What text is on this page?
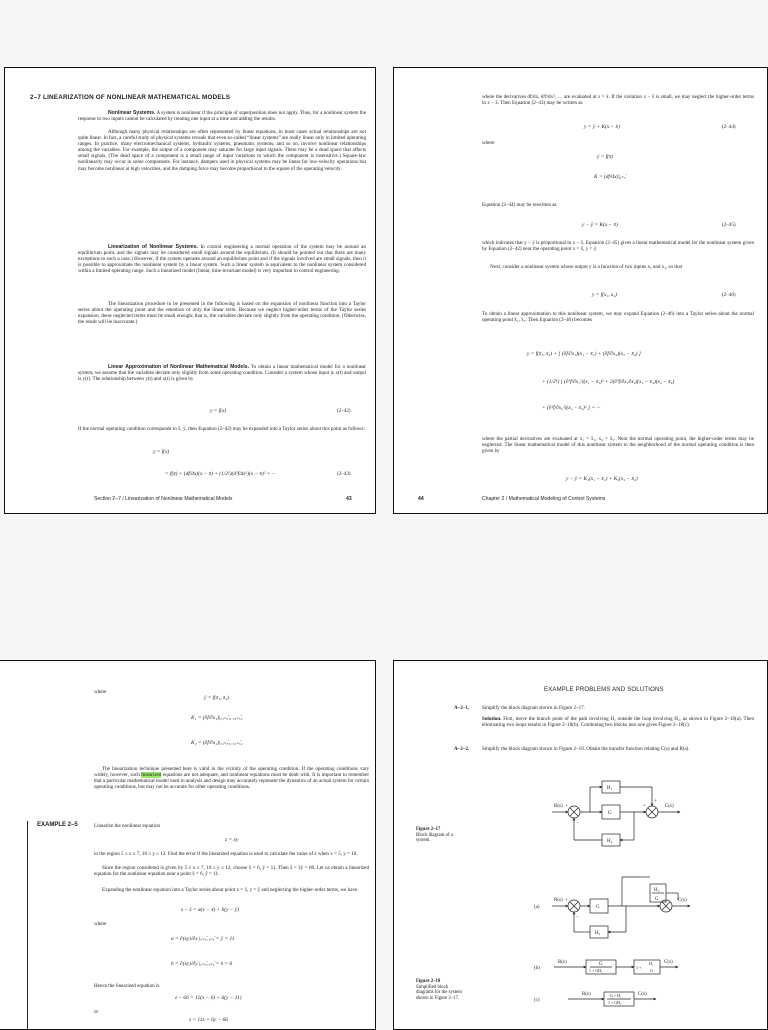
2–7 LINEARIZATION OF NONLINEAR MATHEMATICAL MODELS
Nonlinear Systems. A system is nonlinear if the principle of superposition does not apply. Thus, for a nonlinear system the response to two inputs cannot be calculated by treating one input at a time and adding the results.
Although many physical relationships are often represented by linear equations, in most cases actual relationships are not quite linear. In fact, a careful study of physical systems reveals that even so-called “linear systems” are really linear only in limited operating ranges. In practice, many electromechanical systems, hydraulic systems, pneumatic systems, and so on, involve nonlinear relationships among the variables. For example, the output of a component may saturate for large input signals. There may be a dead space that affects small signals. (The dead space of a component is a small range of input variations to which the component is insensitive.) Square-law nonlinearity may occur in some components. For instance, dampers used in physical systems may be linear for low-velocity operations but may become nonlinear at high velocities, and the damping force may become proportional to the square of the operating velocity.
Linearization of Nonlinear Systems. In control engineering a normal operation of the system may be around an equilibrium point, and the signals may be considered small signals around the equilibrium. (It should be pointed out that there are many exceptions to such a case.) However, if the system operates around an equilibrium point and if the signals involved are small signals, then it is possible to approximate the nonlinear system by a linear system. Such a linear system is equivalent to the nonlinear system considered within a limited operating range. Such a linearized model (linear, time-invariant model) is very important in control engineering.
The linearization procedure to be presented in the following is based on the expansion of nonlinear function into a Taylor series about the operating point and the retention of only the linear term. Because we neglect higher-order terms of the Taylor series expansion, these neglected terms must be small enough; that is, the variables deviate only slightly from the operating condition. (Otherwise, the result will be inaccurate.)
Linear Approximation of Nonlinear Mathematical Models. To obtain a linear mathematical model for a nonlinear system, we assume that the variables deviate only slightly from some operating condition. Consider a system whose input is x(t) and output is y(t). The relationship between y(t) and x(t) is given by
y = f(x)	(2–42)
If the normal operating condition corresponds to x̄, ȳ, then Equation (2–42) may be expanded into a Taylor series about this point as follows:
y = f(x)
= f(x̄) + (df/dx)(x − x̄) + (1/2!)(d²f/dx²)(x − x̄)² + ···	(2–43)
Section 2–7 / Linearization of Nonlinear Mathematical Models	43
where the derivatives df/dx, d²f/dx², … are evaluated at x = x̄. If the variation x − x̄ is small, we may neglect the higher-order terms in x − x̄. Then Equation (2–43) may be written as
y = ȳ + K(x − x̄)	(2–44)
where
ȳ = f(x̄)
K = (df/dx)|ₓ₌ₓ̄
Equation (2–44) may be rewritten as
y − ȳ = K(x − x̄)	(2–45)
which indicates that y − ȳ is proportional to x − x̄. Equation (2–45) gives a linear mathematical model for the nonlinear system given by Equation (2–42) near the operating point x = x̄, y = ȳ.
Next, consider a nonlinear system whose output y is a function of two inputs x₁ and x₂, so that
y = f(x₁, x₂)	(2–46)
To obtain a linear approximation to this nonlinear system, we may expand Equation (2–46) into a Taylor series about the normal operating point x̄₁, x̄₂. Then Equation (2–46) becomes
y = f(x̄₁, x̄₂) + [ (∂f/∂x₁)(x₁ − x̄₁) + (∂f/∂x₂)(x₂ − x̄₂) ]
+ (1/2!) [ (∂²f/∂x₁²)(x₁ − x̄₁)² + 2(∂²f/∂x₁∂x₂)(x₁ − x̄₁)(x₂ − x̄₂)
+ (∂²f/∂x₂²)(x₂ − x̄₂)² ] + ···
where the partial derivatives are evaluated at x₁ = x̄₁, x₂ = x̄₂. Near the normal operating point, the higher-order terms may be neglected. The linear mathematical model of this nonlinear system in the neighborhood of the normal operating condition is then given by
y − ȳ = K₁(x₁ − x̄₁) + K₂(x₂ − x̄₂)
44	Chapter 2 / Mathematical Modeling of Control Systems
where
ȳ = f(x̄₁, x̄₂)
K₁ = (∂f/∂x₁)|ₓ₁₌ₓ̄₁, ₓ₂₌ₓ̄₂
K₂ = (∂f/∂x₂)|ₓ₁₌ₓ̄₁, ₓ₂₌ₓ̄₂
The linearization technique presented here is valid in the vicinity of the operating condition. If the operating conditions vary widely, however, such linearized equations are not adequate, and nonlinear equations must be dealt with. It is important to remember that a particular mathematical model used in analysis and design may accurately represent the dynamics of an actual system for certain operating conditions, but may not be accurate for other operating conditions.
EXAMPLE 2–5	Linearize the nonlinear equation
z = xy
in the region 5 ≤ x ≤ 7, 10 ≤ y ≤ 12. Find the error if the linearized equation is used to calculate the value of z when x = 5, y = 10.
Since the region considered is given by 5 ≤ x ≤ 7, 10 ≤ y ≤ 12, choose x̄ = 6, ȳ = 11. Then z̄ = x̄ȳ = 66. Let us obtain a linearized equation for the nonlinear equation near a point x̄ = 6, ȳ = 11.
Expanding the nonlinear equation into a Taylor series about point x = x̄, y = ȳ and neglecting the higher-order terms, we have
z − z̄ = a(x − x̄) + b(y − ȳ)
where
a = ∂(xy)/∂x |ₓ₌ₓ̄, ᵧ₌ᵧ̄ = ȳ = 11
b = ∂(xy)/∂y |ₓ₌ₓ̄, ᵧ₌ᵧ̄ = x̄ = 6
Hence the linearized equation is
z − 66 = 11(x − 6) + 6(y − 11)
or
z = 11x + 6y − 66
EXAMPLE PROBLEMS AND SOLUTIONS
A–2–1.	Simplify the block diagram shown in Figure 2–17.
Solution. First, move the branch point of the path involving H₁ outside the loop involving H₂, as shown in Figure 2–18(a). Then eliminating two loops results in Figure 2–18(b). Combining two blocks into one gives Figure 2–18(c).
A–2–2.	Simplify the block diagram shown in Figure 2–19. Obtain the transfer function relating C(s) and R(s).
Figure 2–17
Block diagram of a system.
Figure 2–18
Simplified block diagrams for the system shown in Figure 2–17.
R(s)	C(s)
G
H₁
H₂
+
−
+
+
(a)
R(s)	C(s)
G
H₁
G
H₂
+
−
(b)
R(s)	C(s)
G
1 + GH₂
1 +
H₁
G
(c)
R(s)	C(s)
G + H₁
1 + GH₂
